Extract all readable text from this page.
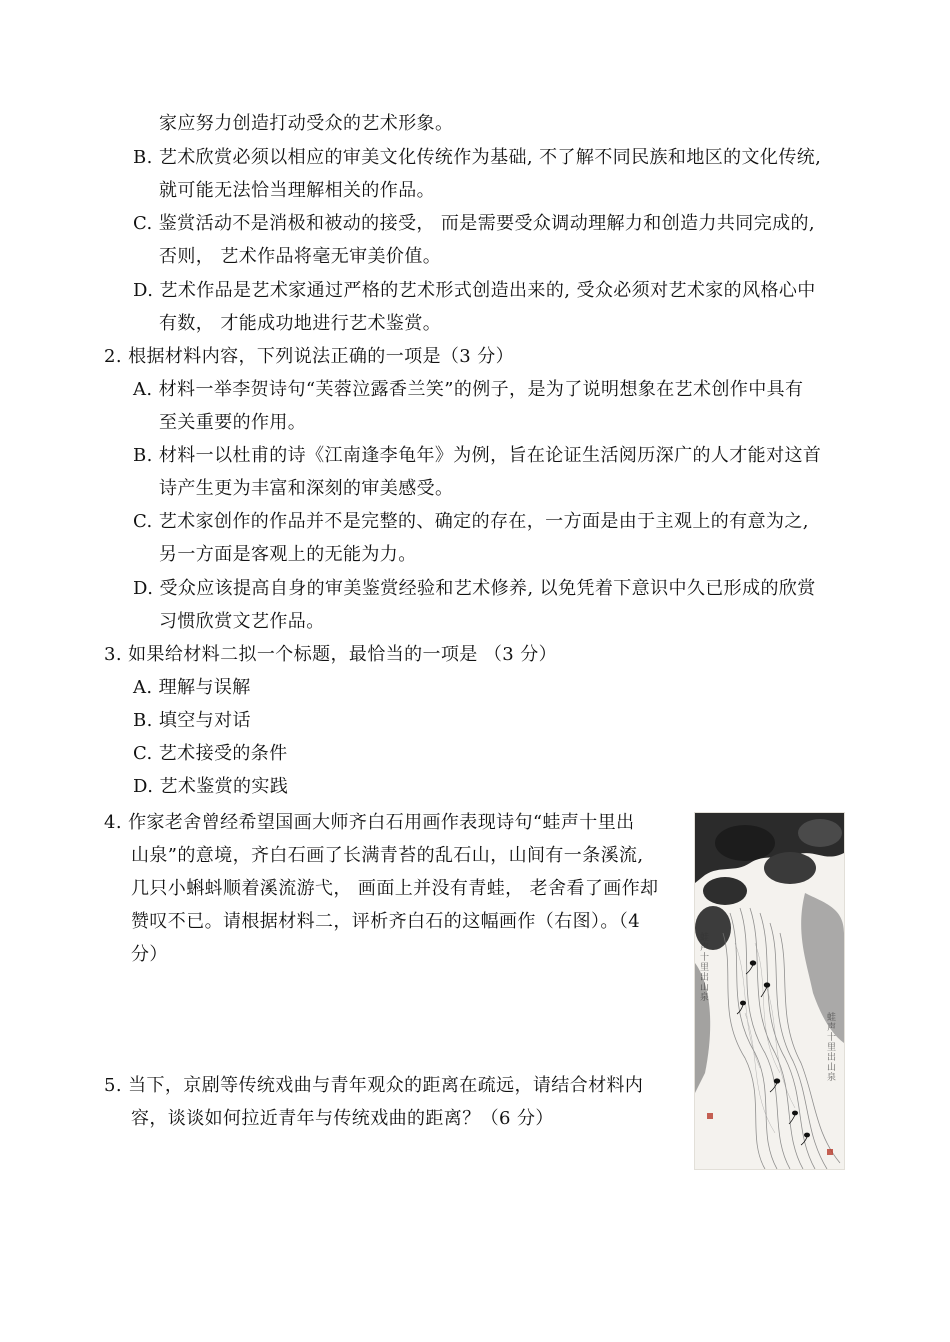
家应努力创造打动受众的艺术形象。
B. 艺术欣赏必须以相应的审美文化传统作为基础, 不了解不同民族和地区的文化传统,
就可能无法恰当理解相关的作品。
C. 鉴赏活动不是消极和被动的接受， 而是需要受众调动理解力和创造力共同完成的,
否则， 艺术作品将毫无审美价值。
D. 艺术作品是艺术家通过严格的艺术形式创造出来的, 受众必须对艺术家的风格心中
有数， 才能成功地进行艺术鉴赏。
2. 根据材料内容，下列说法正确的一项是（3 分）
A. 材料一举李贺诗句“芙蓉泣露香兰笑”的例子，是为了说明想象在艺术创作中具有
至关重要的作用。
B. 材料一以杜甫的诗《江南逢李龟年》为例，旨在论证生活阅历深广的人才能对这首
诗产生更为丰富和深刻的审美感受。
C. 艺术家创作的作品并不是完整的、确定的存在，一方面是由于主观上的有意为之,
另一方面是客观上的无能为力。
D. 受众应该提高自身的审美鉴赏经验和艺术修养, 以免凭着下意识中久已形成的欣赏
习惯欣赏文艺作品。
3. 如果给材料二拟一个标题，最恰当的一项是 （3 分）
A. 理解与误解
B. 填空与对话
C. 艺术接受的条件
D. 艺术鉴赏的实践
4. 作家老舍曾经希望国画大师齐白石用画作表现诗句“蛙声十里出
山泉”的意境，齐白石画了长满青苔的乱石山，山间有一条溪流,
几只小蝌蚪顺着溪流游弋， 画面上并没有青蛙， 老舍看了画作却
赞叹不已。请根据材料二，评析齐白石的这幅画作（右图）。（4
分）
5. 当下，京剧等传统戏曲与青年观众的距离在疏远，请结合材料内
容，谈谈如何拉近青年与传统戏曲的距离？（6 分）
蛙声十里出山泉
蛙声十里出山泉
